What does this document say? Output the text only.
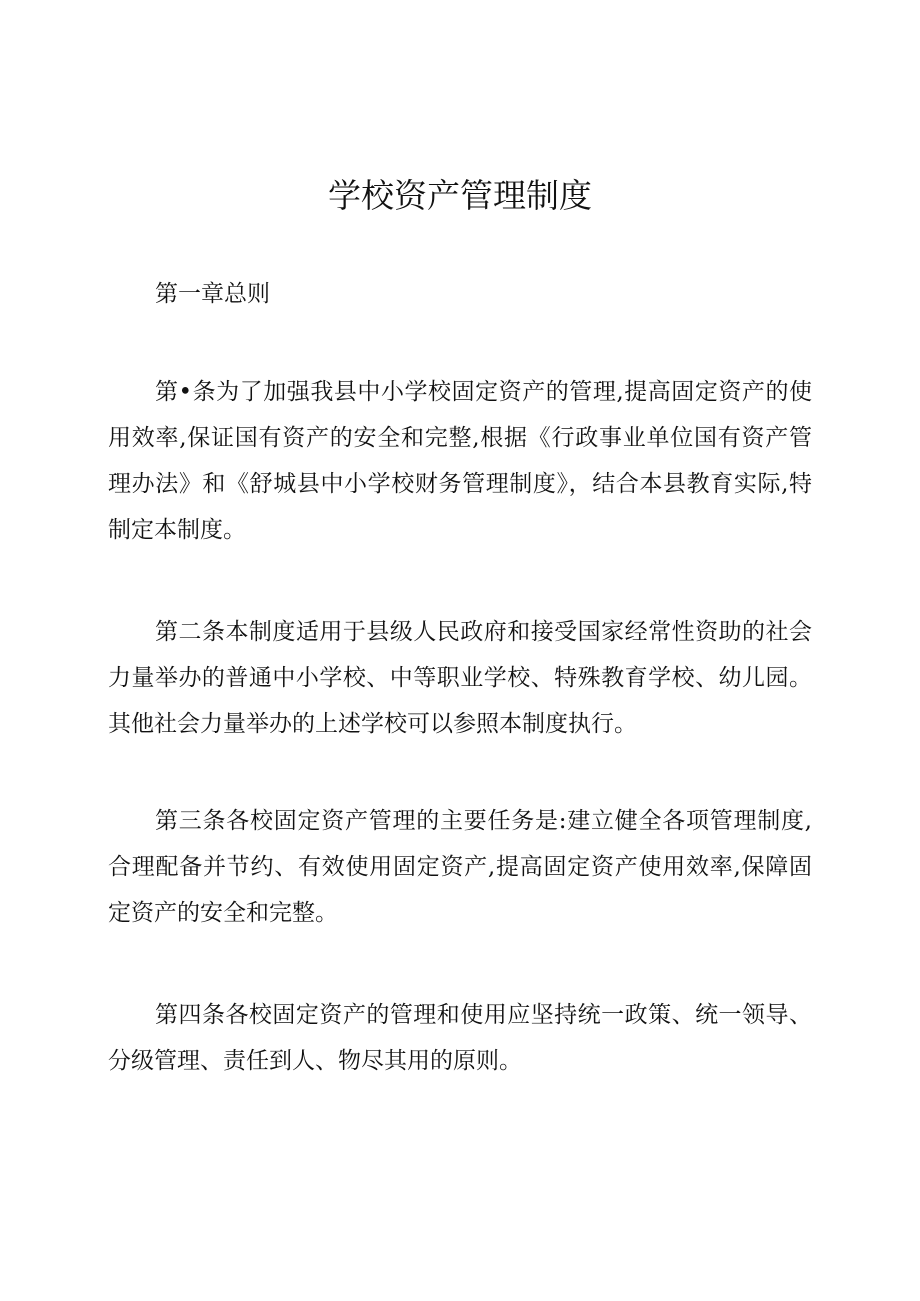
学校资产管理制度

第一章总则

第•条为了加强我县中小学校固定资产的管理,提高固定资产的使用效率,保证国有资产的安全和完整,根据《行政事业单位国有资产管理办法》和《舒城县中小学校财务管理制度》，结合本县教育实际,特制定本制度。

第二条本制度适用于县级人民政府和接受国家经常性资助的社会力量举办的普通中小学校、中等职业学校、特殊教育学校、幼儿园。其他社会力量举办的上述学校可以参照本制度执行。

第三条各校固定资产管理的主要任务是:建立健全各项管理制度,合理配备并节约、有效使用固定资产,提高固定资产使用效率,保障固定资产的安全和完整。

第四条各校固定资产的管理和使用应坚持统一政策、统一领导、分级管理、责任到人、物尽其用的原则。
